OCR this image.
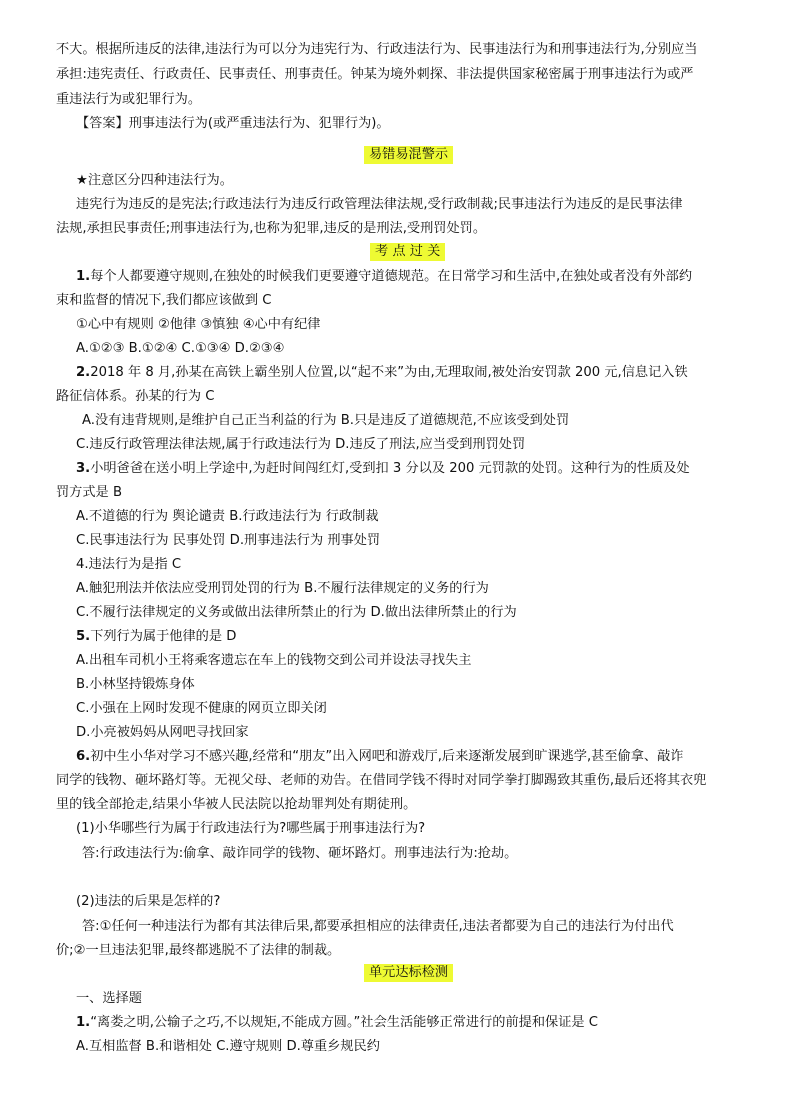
不大。根据所违反的法律,违法行为可以分为违宪行为、行政违法行为、民事违法行为和刑事违法行为,分别应当
承担:违宪责任、行政责任、民事责任、刑事责任。钟某为境外刺探、非法提供国家秘密属于刑事违法行为或严
重违法行为或犯罪行为。
【答案】刑事违法行为(或严重违法行为、犯罪行为)。
易错易混警示
★注意区分四种违法行为。
违宪行为违反的是宪法;行政违法行为违反行政管理法律法规,受行政制裁;民事违法行为违反的是民事法律
法规,承担民事责任;刑事违法行为,也称为犯罪,违反的是刑法,受刑罚处罚。
考 点 过 关
1.每个人都要遵守规则,在独处的时候我们更要遵守道德规范。在日常学习和生活中,在独处或者没有外部约
束和监督的情况下,我们都应该做到 C
①心中有规则 ②他律 ③慎独 ④心中有纪律
A.①②③ B.①②④ C.①③④ D.②③④
2.2018 年 8 月,孙某在高铁上霸坐别人位置,以“起不来”为由,无理取闹,被处治安罚款 200 元,信息记入铁
路征信体系。孙某的行为 C
A.没有违背规则,是维护自己正当利益的行为 B.只是违反了道德规范,不应该受到处罚
C.违反行政管理法律法规,属于行政违法行为 D.违反了刑法,应当受到刑罚处罚
3.小明爸爸在送小明上学途中,为赶时间闯红灯,受到扣 3 分以及 200 元罚款的处罚。这种行为的性质及处
罚方式是 B
A.不道德的行为 舆论谴责 B.行政违法行为 行政制裁
C.民事违法行为 民事处罚 D.刑事违法行为 刑事处罚
4.违法行为是指 C
A.触犯刑法并依法应受刑罚处罚的行为 B.不履行法律规定的义务的行为
C.不履行法律规定的义务或做出法律所禁止的行为 D.做出法律所禁止的行为
5.下列行为属于他律的是 D
A.出租车司机小王将乘客遗忘在车上的钱物交到公司并设法寻找失主
B.小林坚持锻炼身体
C.小强在上网时发现不健康的网页立即关闭
D.小亮被妈妈从网吧寻找回家
6.初中生小华对学习不感兴趣,经常和“朋友”出入网吧和游戏厅,后来逐渐发展到旷课逃学,甚至偷拿、敲诈
同学的钱物、砸坏路灯等。无视父母、老师的劝告。在借同学钱不得时对同学拳打脚踢致其重伤,最后还将其衣兜
里的钱全部抢走,结果小华被人民法院以抢劫罪判处有期徒刑。
(1)小华哪些行为属于行政违法行为?哪些属于刑事违法行为?
答:行政违法行为:偷拿、敲诈同学的钱物、砸坏路灯。刑事违法行为:抢劫。
(2)违法的后果是怎样的?
答:①任何一种违法行为都有其法律后果,都要承担相应的法律责任,违法者都要为自己的违法行为付出代
价;②一旦违法犯罪,最终都逃脱不了法律的制裁。
单元达标检测
一、选择题
1.“离娄之明,公输子之巧,不以规矩,不能成方圆。”社会生活能够正常进行的前提和保证是 C
A.互相监督 B.和谐相处 C.遵守规则 D.尊重乡规民约
